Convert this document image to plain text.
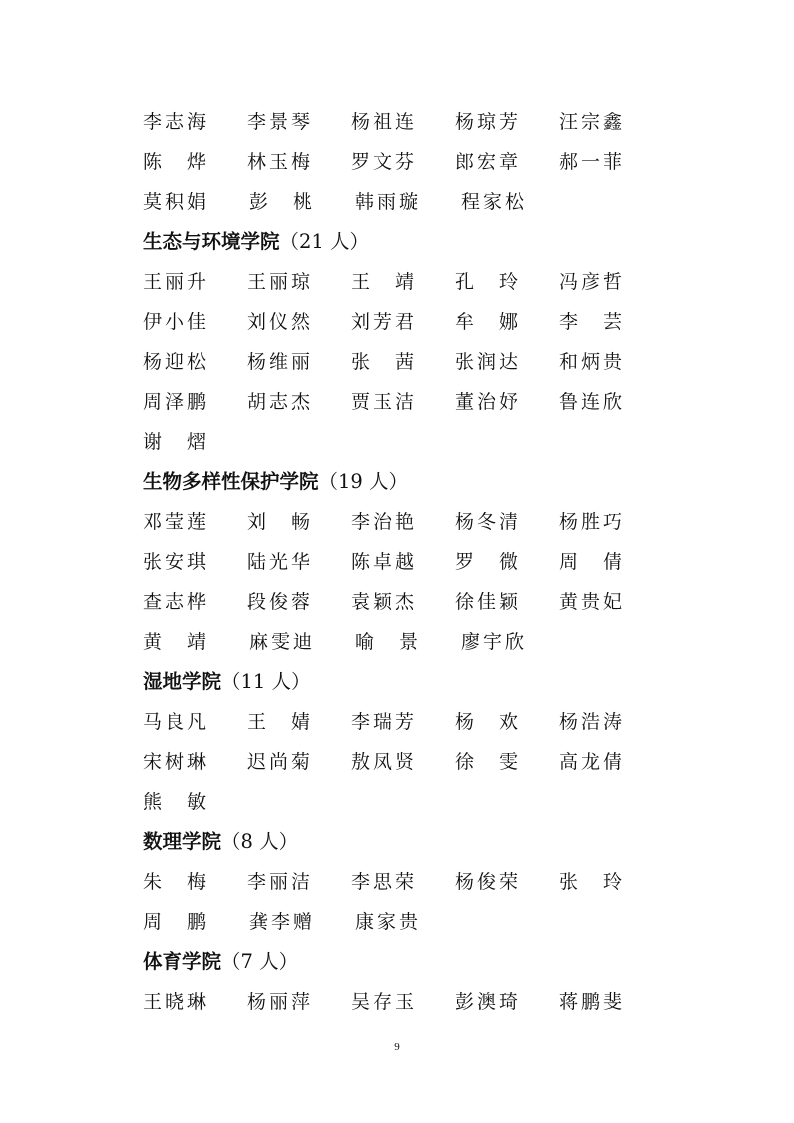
李志海	李景琴	杨祖连	杨琼芳	汪宗鑫
陈　烨	林玉梅	罗文芬	郎宏章	郝一菲
莫积娟	彭　桃	韩雨璇	程家松
生态与环境学院 （21 人）
王丽升	王丽琼	王　靖	孔　玲	冯彦哲
伊小佳	刘仪然	刘芳君	牟　娜	李　芸
杨迎松	杨维丽	张　茜	张润达	和炳贵
周泽鹏	胡志杰	贾玉洁	董治妤	鲁连欣
谢　熠
生物多样性保护学院 （19 人）
邓莹莲	刘　畅	李治艳	杨冬清	杨胜巧
张安琪	陆光华	陈卓越	罗　微	周　倩
查志桦	段俊蓉	袁颖杰	徐佳颖	黄贵妃
黄　靖	麻雯迪	喻　景	廖宇欣
湿地学院 （11 人）
马良凡	王　婧	李瑞芳	杨　欢	杨浩涛
宋树琳	迟尚菊	敖凤贤	徐　雯	高龙倩
熊　敏
数理学院 （8 人）
朱　梅	李丽洁	李思荣	杨俊荣	张　玲
周　鹏	龚李赠	康家贵
体育学院 （7 人）
王晓琳	杨丽萍	吴存玉	彭澳琦	蒋鹏斐
9
